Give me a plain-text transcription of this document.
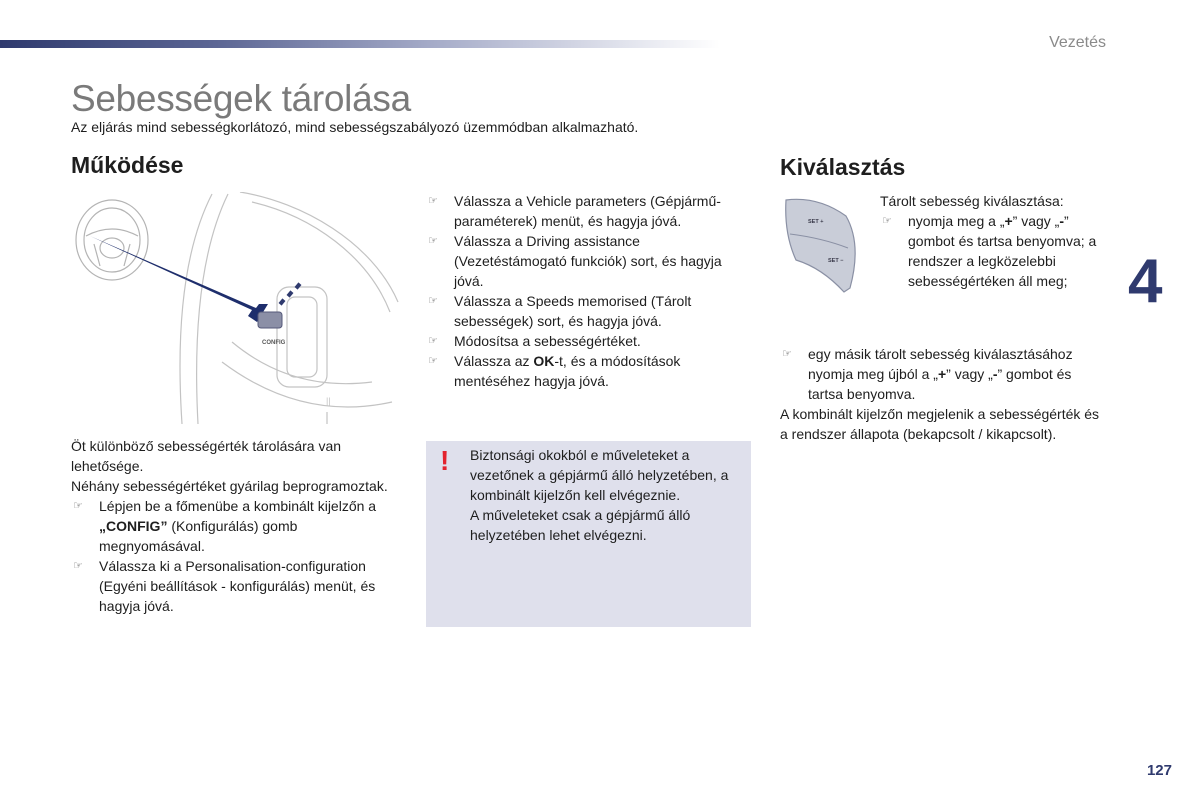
Vezetés
Sebességek tárolása
Az eljárás mind sebességkorlátozó, mind sebességszabályozó üzemmódban alkalmazható.
Működése
||
CONFIG

Öt különböző sebességérték tárolására van lehetősége.

Néhány sebességértéket gyárilag beprogramoztak.

☞ Lépjen be a főmenübe a kombinált kijelzőn a „CONFIG” (Konfigurálás) gomb megnyomásával.

☞ Válassza ki a Personalisation-configuration (Egyéni beállítások - konfigurálás) menüt, és hagyja jóvá.

☞ Válassza a Vehicle parameters (Gépjármű-paraméterek) menüt, és hagyja jóvá.

☞ Válassza a Driving assistance (Vezetéstámogató funkciók) sort, és hagyja jóvá.

☞ Válassza a Speeds memorised (Tárolt sebességek) sort, és hagyja jóvá.

☞ Módosítsa a sebességértéket.

☞ Válassza az OK-t, és a módosítások mentéséhez hagyja jóvá.

! Biztonsági okokból e műveleteket a vezetőnek a gépjármű álló helyzetében, a kombinált kijelzőn kell elvégeznie.

A műveleteket csak a gépjármű álló helyzetében lehet elvégezni.

Kiválasztás
SET +
SET −

Tárolt sebesség kiválasztása:

☞ nyomja meg a „+” vagy „-” gombot és tartsa benyomva; a rendszer a legközelebbi sebességértéken áll meg;

☞ egy másik tárolt sebesség kiválasztásához nyomja meg újból a „+” vagy „-” gombot és tartsa benyomva.

A kombinált kijelzőn megjelenik a sebességérték és a rendszer állapota (bekapcsolt / kikapcsolt).

4
127
